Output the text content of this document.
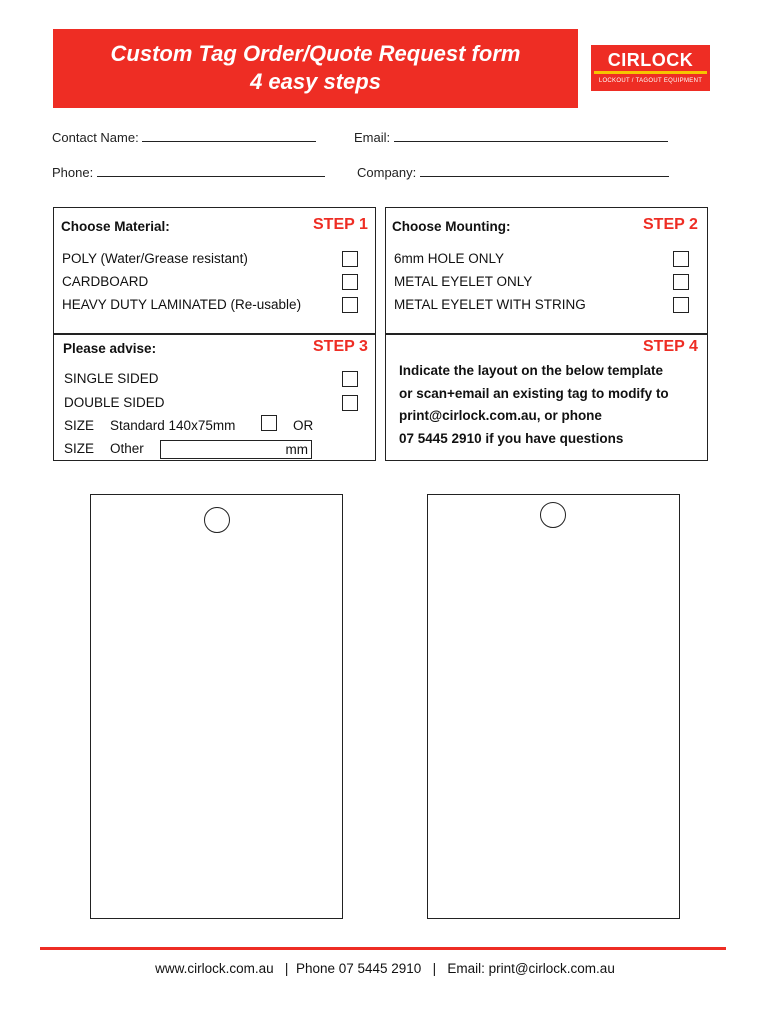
Custom Tag Order/Quote Request form
4 easy steps
CIRLOCK
LOCKOUT / TAGOUT EQUIPMENT
Contact Name:	Email:
Phone:	Company:
Choose Material:	STEP 1
POLY (Water/Grease resistant)
CARDBOARD
HEAVY DUTY LAMINATED (Re-usable)
Choose Mounting:	STEP 2
6mm HOLE ONLY
METAL EYELET ONLY
METAL EYELET WITH STRING
Please advise:	STEP 3
SINGLE SIDED
DOUBLE SIDED
SIZE Standard 140x75mm	OR
SIZE Other	mm
STEP 4
Indicate the layout on the below template
or scan+email an existing tag to modify to
print@cirlock.com.au, or phone
07 5445 2910 if you have questions
www.cirlock.com.au   |  Phone 07 5445 2910   |   Email: print@cirlock.com.au
